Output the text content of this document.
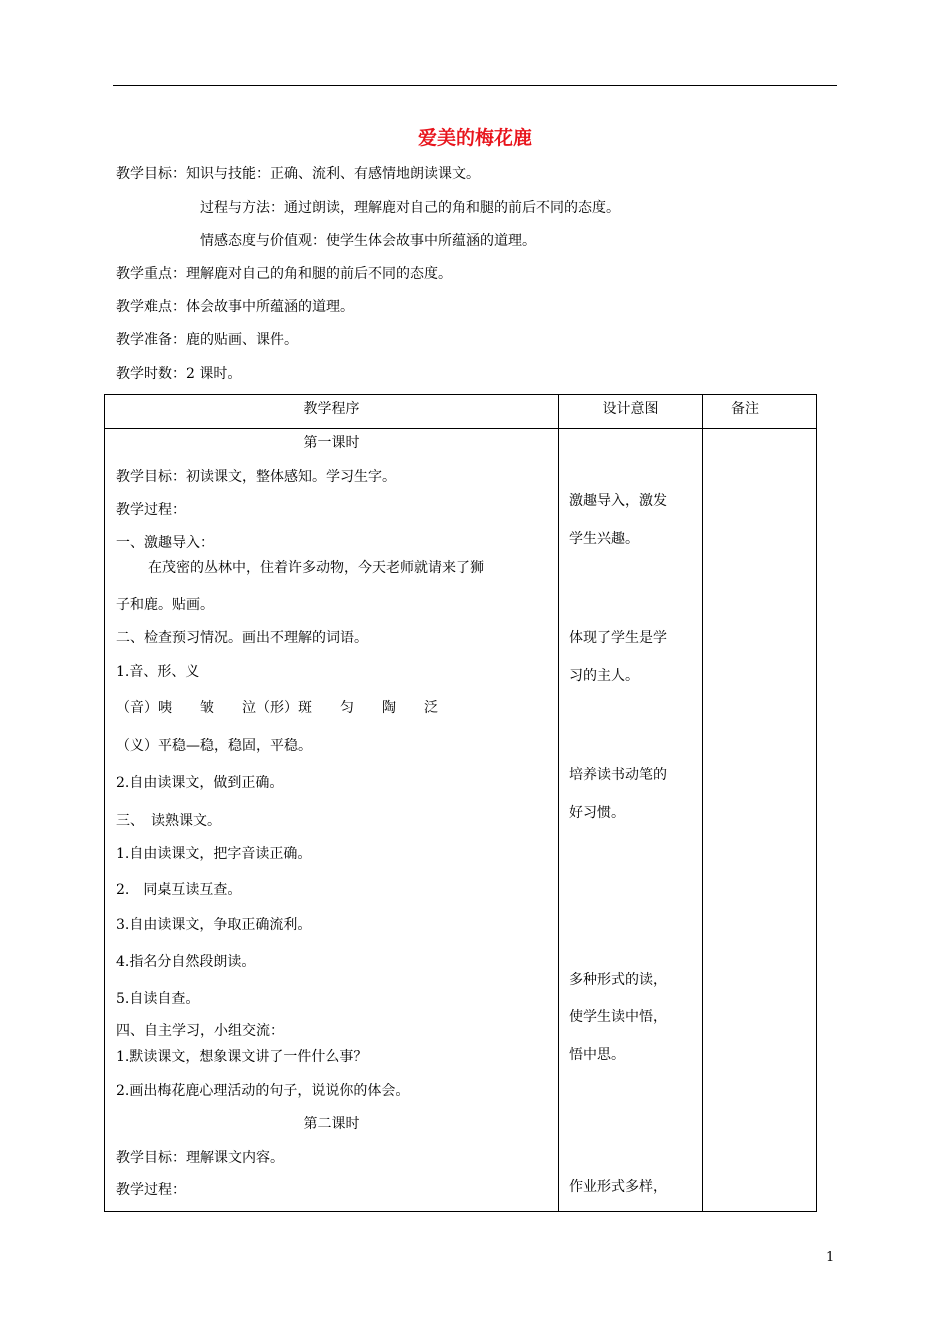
爱美的梅花鹿
教学目标：知识与技能：正确、流利、有感情地朗读课文。
过程与方法：通过朗读，理解鹿对自己的角和腿的前后不同的态度。
情感态度与价值观：使学生体会故事中所蕴涵的道理。
教学重点：理解鹿对自己的角和腿的前后不同的态度。
教学难点：体会故事中所蕴涵的道理。
教学准备：鹿的贴画、课件。
教学时数：2 课时。
教学程序	设计意图	备注
第一课时
教学目标：初读课文，整体感知。学习生字。
教学过程：
一、激趣导入：
在茂密的丛林中，住着许多动物，今天老师就请来了狮
子和鹿。贴画。
二、检查预习情况。画出不理解的词语。
1.音、形、义
（音）咦　　皱　　泣（形）斑　　匀　　陶　　泛
（义）平稳—稳，稳固，平稳。
2.自由读课文，做到正确。
三、　读熟课文。
1.自由读课文，把字音读正确。
2.　同桌互读互查。
3.自由读课文，争取正确流利。
4.指名分自然段朗读。
5.自读自查。
四、自主学习，小组交流：
1.默读课文，想象课文讲了一件什么事？
2.画出梅花鹿心理活动的句子，说说你的体会。
第二课时
教学目标：理解课文内容。
教学过程：
激趣导入，激发
学生兴趣。
体现了学生是学
习的主人。
培养读书动笔的
好习惯。
多种形式的读，
使学生读中悟，
悟中思。
作业形式多样，
1
